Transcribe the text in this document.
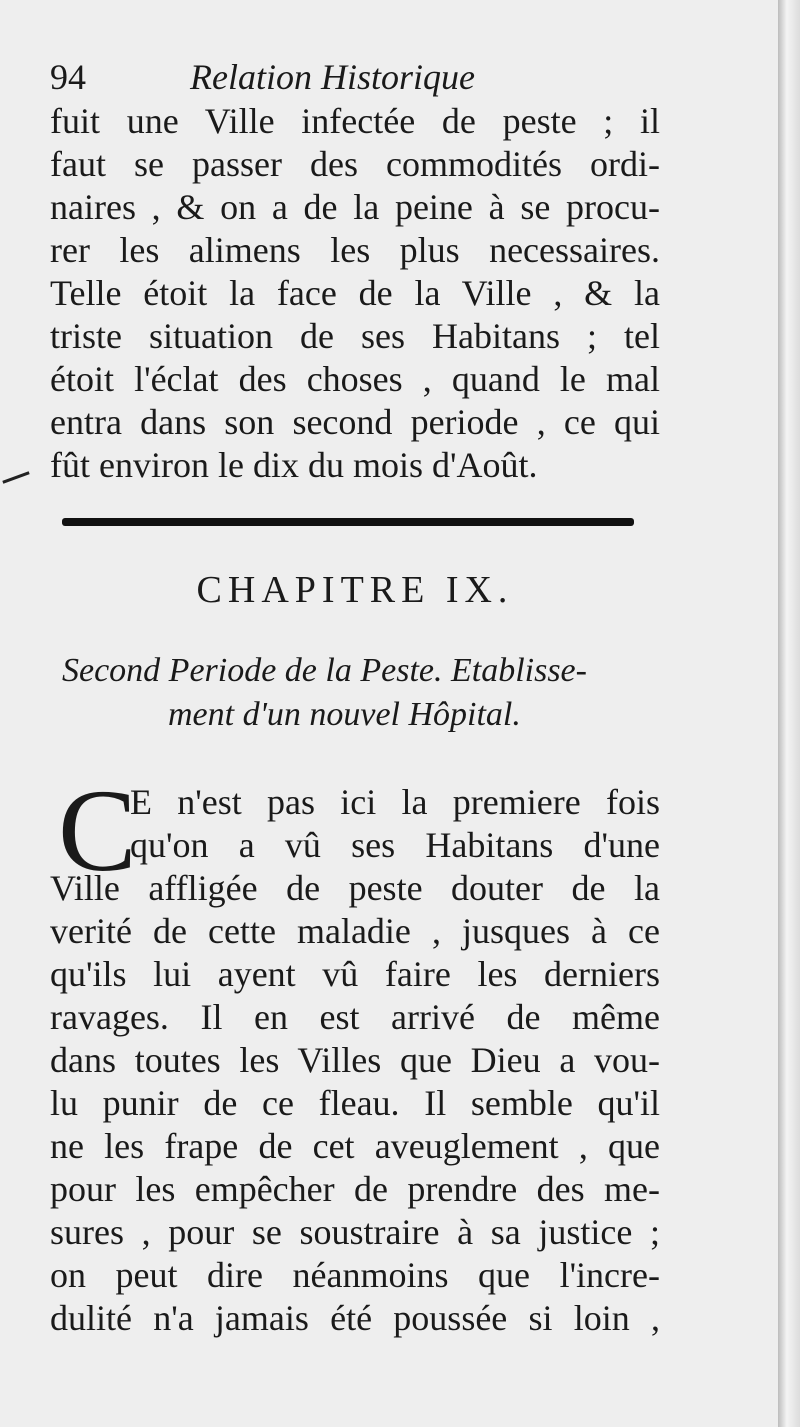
94	Relation Historique
fuit une Ville infectée de peste ; il
faut se passer des commodités ordi-
naires , & on a de la peine à se procu-
rer les alimens les plus necessaires.
Telle étoit la face de la Ville , & la
triste situation de ses Habitans ; tel
étoit l'éclat des choses , quand le mal
entra dans son second periode , ce qui
fût environ le dix du mois d'Août.
CHAPITRE IX.
Second Periode de la Peste. Etablisse-
ment d'un nouvel Hôpital.
C
E n'est pas ici la premiere fois
qu'on a vû ses Habitans d'une
Ville affligée de peste douter de la
verité de cette maladie , jusques à ce
qu'ils lui ayent vû faire les derniers
ravages. Il en est arrivé de même
dans toutes les Villes que Dieu a vou-
lu punir de ce fleau. Il semble qu'il
ne les frape de cet aveuglement , que
pour les empêcher de prendre des me-
sures , pour se soustraire à sa justice ;
on peut dire néanmoins que l'incre-
dulité n'a jamais été poussée si loin ,
